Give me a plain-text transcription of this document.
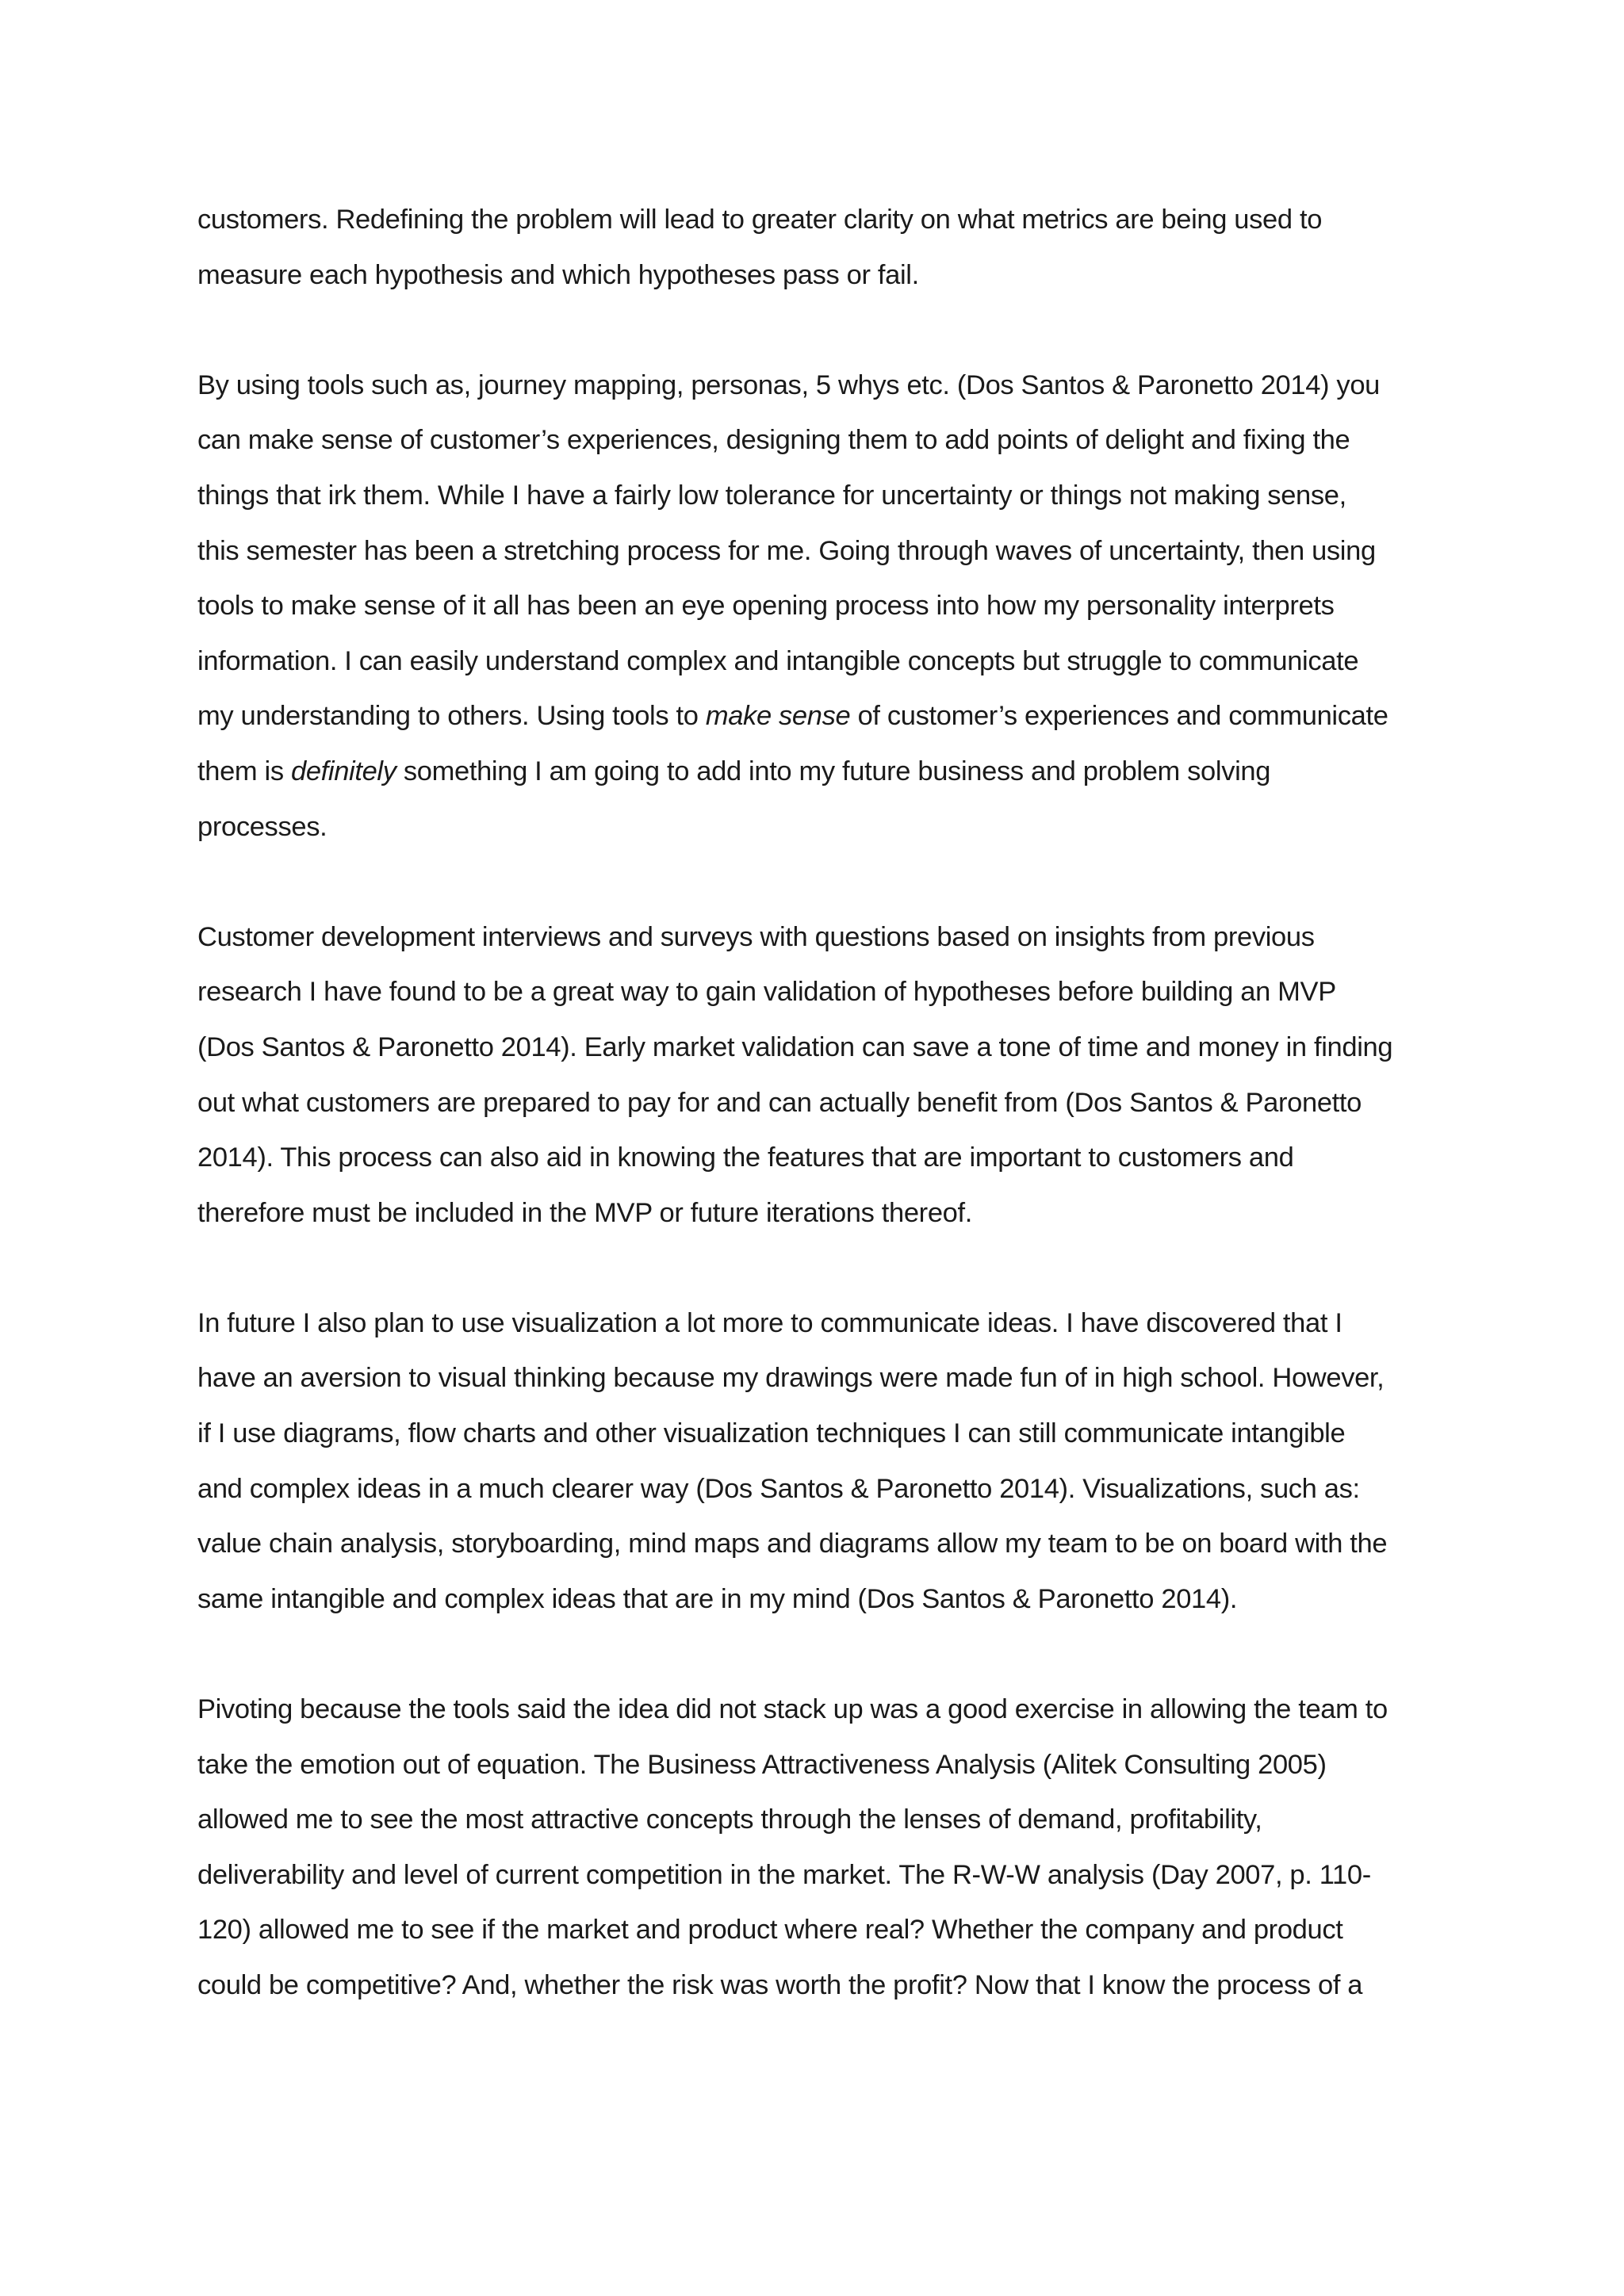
customers. Redefining the problem will lead to greater clarity on what metrics are being used to
measure each hypothesis and which hypotheses pass or fail.

By using tools such as, journey mapping, personas, 5 whys etc. (Dos Santos & Paronetto 2014) you
can make sense of customer’s experiences, designing them to add points of delight and fixing the
things that irk them. While I have a fairly low tolerance for uncertainty or things not making sense,
this semester has been a stretching process for me. Going through waves of uncertainty, then using
tools to make sense of it all has been an eye opening process into how my personality interprets
information. I can easily understand complex and intangible concepts but struggle to communicate
my understanding to others. Using tools to make sense of customer’s experiences and communicate
them is definitely something I am going to add into my future business and problem solving
processes.

Customer development interviews and surveys with questions based on insights from previous
research I have found to be a great way to gain validation of hypotheses before building an MVP
(Dos Santos & Paronetto 2014). Early market validation can save a tone of time and money in finding
out what customers are prepared to pay for and can actually benefit from (Dos Santos & Paronetto
2014). This process can also aid in knowing the features that are important to customers and
therefore must be included in the MVP or future iterations thereof.

In future I also plan to use visualization a lot more to communicate ideas. I have discovered that I
have an aversion to visual thinking because my drawings were made fun of in high school. However,
if I use diagrams, flow charts and other visualization techniques I can still communicate intangible
and complex ideas in a much clearer way (Dos Santos & Paronetto 2014). Visualizations, such as:
value chain analysis, storyboarding, mind maps and diagrams allow my team to be on board with the
same intangible and complex ideas that are in my mind (Dos Santos & Paronetto 2014).

Pivoting because the tools said the idea did not stack up was a good exercise in allowing the team to
take the emotion out of equation. The Business Attractiveness Analysis (Alitek Consulting 2005)
allowed me to see the most attractive concepts through the lenses of demand, profitability,
deliverability and level of current competition in the market. The R-W-W analysis (Day 2007, p. 110-
120) allowed me to see if the market and product where real? Whether the company and product
could be competitive? And, whether the risk was worth the profit? Now that I know the process of a
